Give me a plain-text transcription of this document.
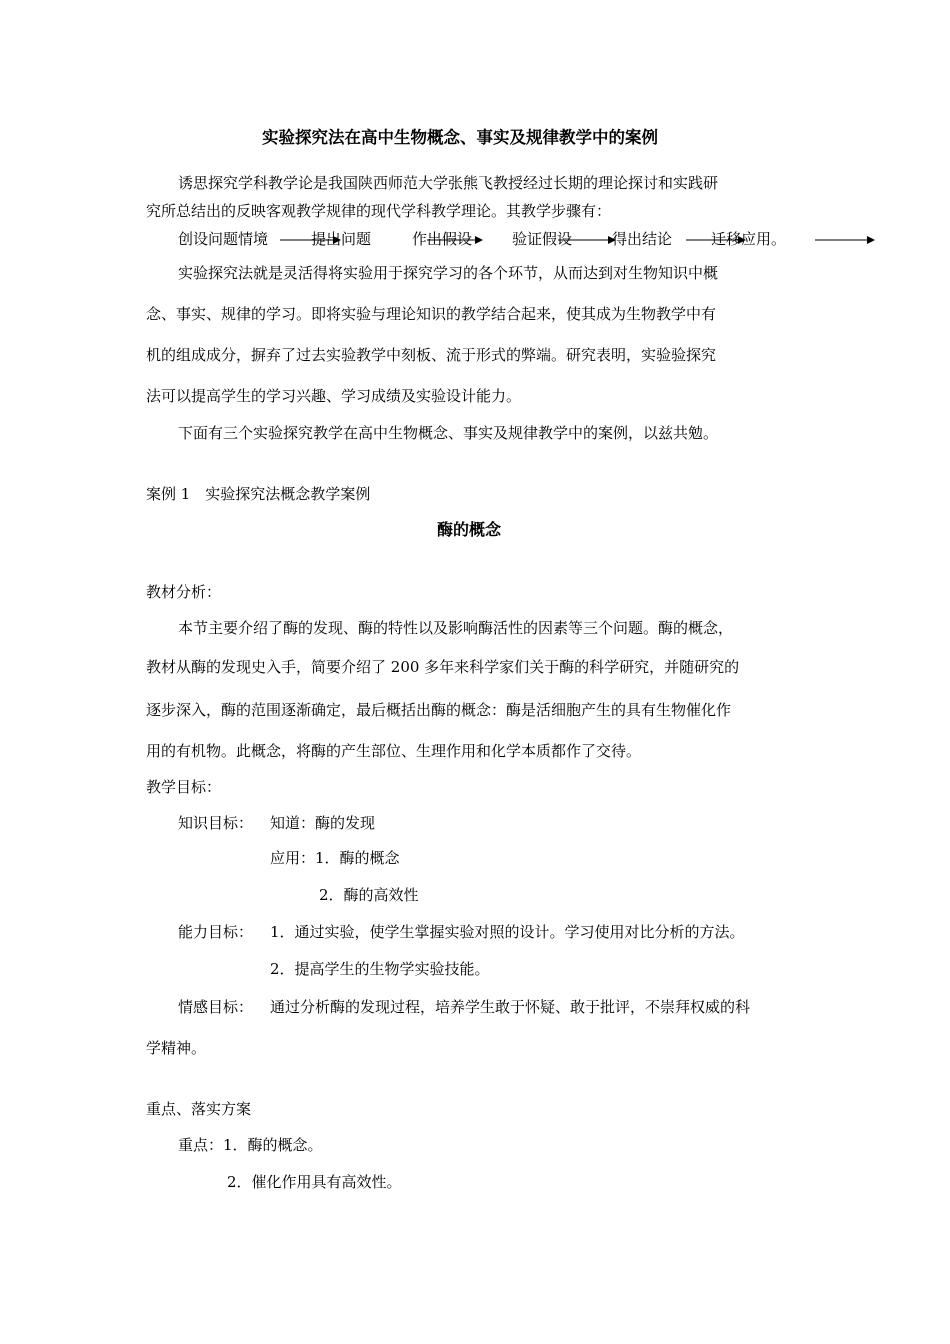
实验探究法在高中生物概念、事实及规律教学中的案例
诱思探究学科教学论是我国陕西师范大学张熊飞教授经过长期的理论探讨和实践研
究所总结出的反映客观教学规律的现代学科教学理论。其教学步骤有：
创设问题情境	提出问题	作出假设	验证假设	得出结论	迁移应用。
实验探究法就是灵活得将实验用于探究学习的各个环节，从而达到对生物知识中概
念、事实、规律的学习。即将实验与理论知识的教学结合起来，使其成为生物教学中有
机的组成成分，摒弃了过去实验教学中刻板、流于形式的弊端。研究表明，实验验探究
法可以提高学生的学习兴趣、学习成绩及实验设计能力。
下面有三个实验探究教学在高中生物概念、事实及规律教学中的案例，以兹共勉。
案例 1　实验探究法概念教学案例
酶的概念
教材分析：
本节主要介绍了酶的发现、酶的特性以及影响酶活性的因素等三个问题。酶的概念，
教材从酶的发现史入手，简要介绍了 200 多年来科学家们关于酶的科学研究，并随研究的
逐步深入，酶的范围逐渐确定，最后概括出酶的概念：酶是活细胞产生的具有生物催化作
用的有机物。此概念，将酶的产生部位、生理作用和化学本质都作了交待。
教学目标：
知识目标： 知道：酶的发现
应用：1．酶的概念
2．酶的高效性
能力目标： 1．通过实验，使学生掌握实验对照的设计。学习使用对比分析的方法。
2．提高学生的生物学实验技能。
情感目标： 通过分析酶的发现过程，培养学生敢于怀疑、敢于批评，不崇拜权威的科
学精神。
重点、落实方案
重点：1．酶的概念。
2．催化作用具有高效性。
